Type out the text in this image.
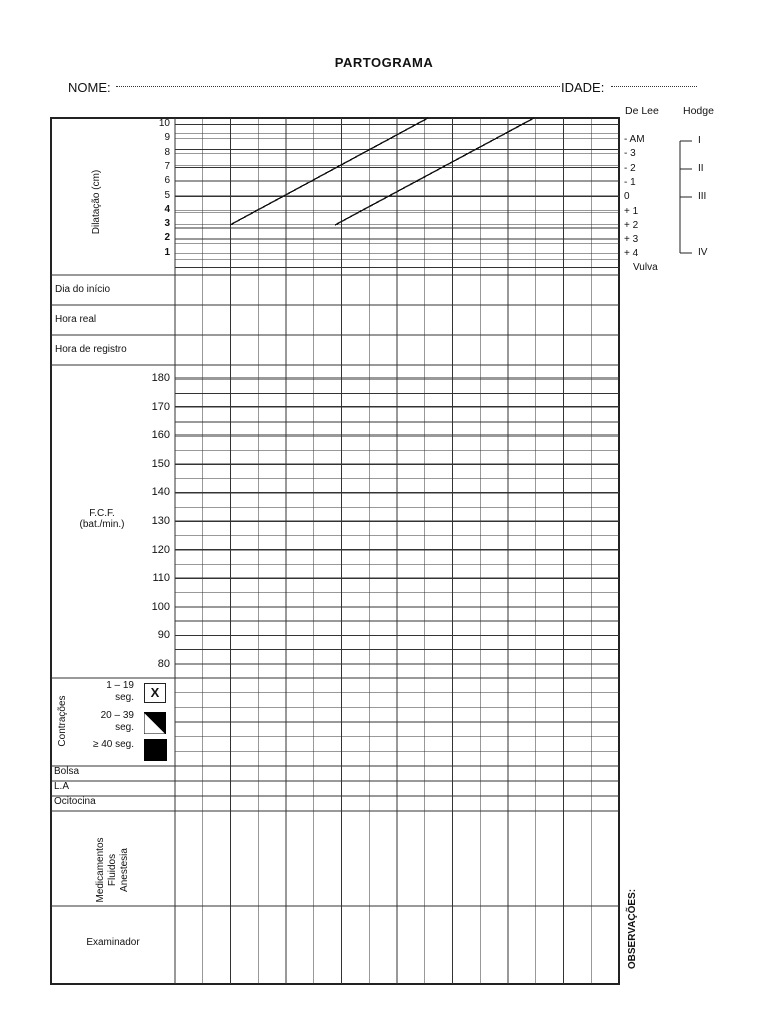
PARTOGRAMA
NOME:	IDADE:
De Lee Hodge
Dilatação (cm)
10
9
8
7
6
5
4
3
2
1
- AM
- 3
- 2
- 1
0
+ 1
+ 2
+ 3
+ 4
Vulva
I
II
III
IV
Dia do início
Hora real
Hora de registro
F.C.F.
(bat./min.)
180
170
160
150
140
130
120
110
100
90
80
Contrações
1 – 19
seg.	X
20 – 39
seg.
≥ 40 seg.
Bolsa
L.A
Ocitocina
Medicamentos Fluidos Anestesia
Examinador	OBSERVAÇÕES:
